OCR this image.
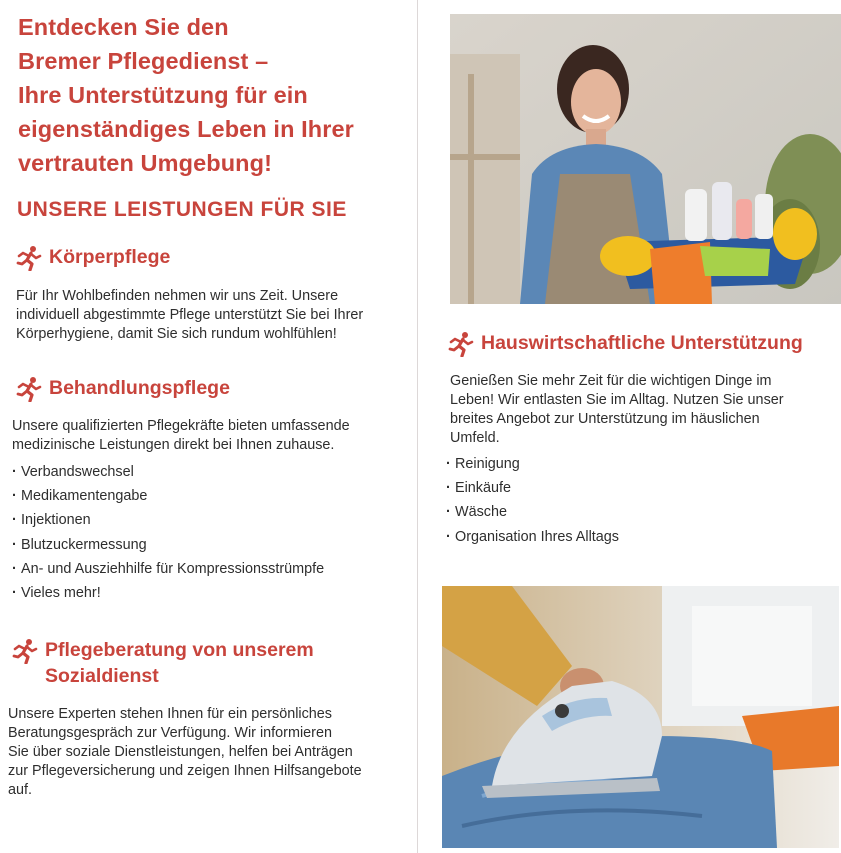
Entdecken Sie den
Bremer Pflegedienst –
Ihre Unterstützung für ein
eigenständiges Leben in Ihrer
vertrauten Umgebung!
UNSERE LEISTUNGEN FÜR SIE
Körperpflege

Für Ihr Wohlbefinden nehmen wir uns Zeit. Unsere
individuell abgestimmte Pflege unterstützt Sie bei Ihrer
Körperhygiene, damit Sie sich rundum wohlfühlen!

Behandlungspflege

Unsere qualifizierten Pflegekräfte bieten umfassende
medizinische Leistungen direkt bei Ihnen zuhause.

· Verbandswechsel
· Medikamentengabe
· Injektionen
· Blutzuckermessung
· An- und Ausziehhilfe für Kompressionsstrümpfe
· Vieles mehr!
Pflegeberatung von unserem
Sozialdienst

Unsere Experten stehen Ihnen für ein persönliches
Beratungsgespräch zur Verfügung. Wir informieren
Sie über soziale Dienstleistungen, helfen bei Anträgen
zur Pflegeversicherung und zeigen Ihnen Hilfsangebote
auf.

Hauswirtschaftliche Unterstützung

Genießen Sie mehr Zeit für die wichtigen Dinge im
Leben! Wir entlasten Sie im Alltag. Nutzen Sie unser
breites Angebot zur Unterstützung im häuslichen
Umfeld.

· Reinigung
· Einkäufe
· Wäsche
· Organisation Ihres Alltags
